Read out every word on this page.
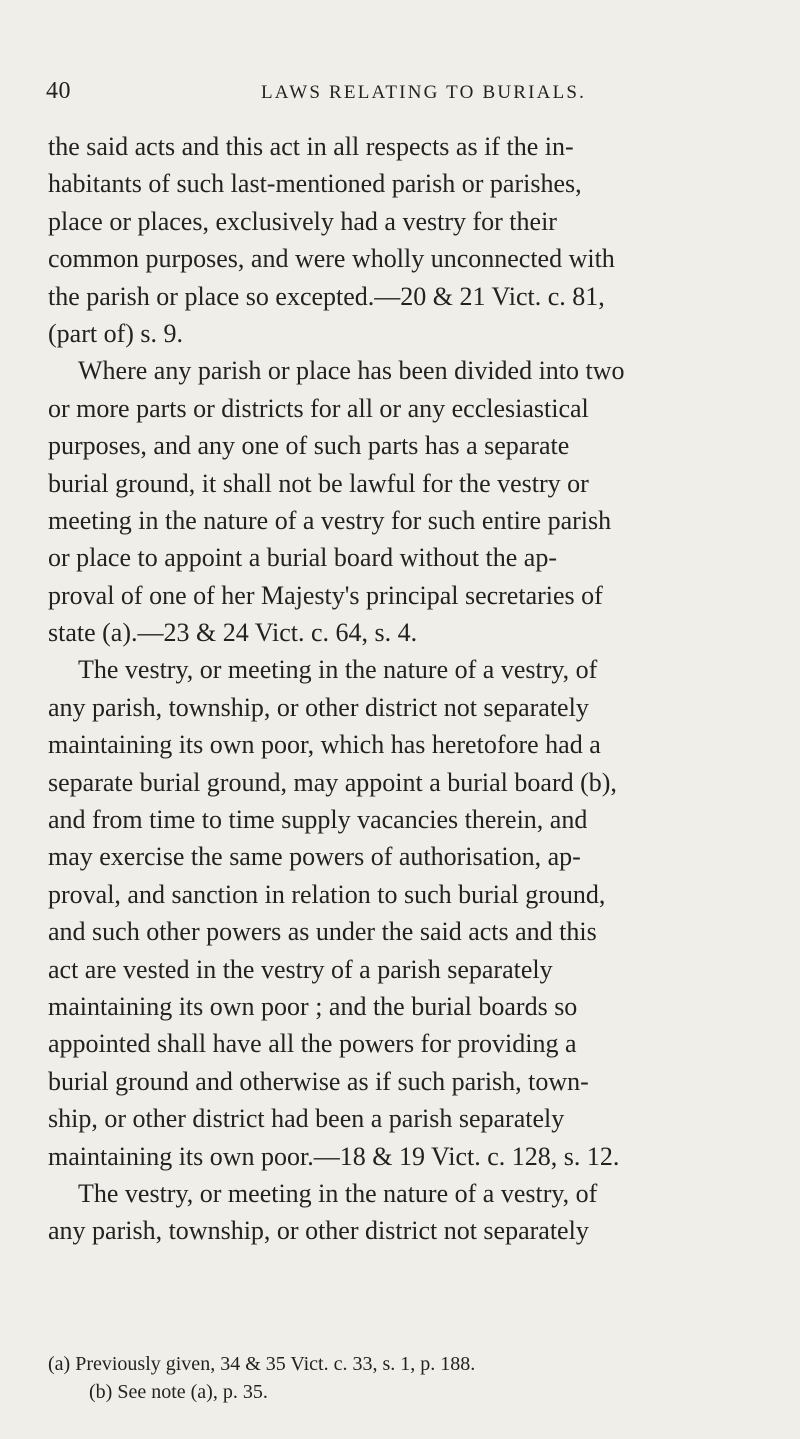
40	LAWS RELATING TO BURIALS.
the said acts and this act in all respects as if the in-
habitants of such last-mentioned parish or parishes,
place or places, exclusively had a vestry for their
common purposes, and were wholly unconnected with
the parish or place so excepted.—20 & 21 Vict. c. 81,
(part of) s. 9.
Where any parish or place has been divided into two
or more parts or districts for all or any ecclesiastical
purposes, and any one of such parts has a separate
burial ground, it shall not be lawful for the vestry or
meeting in the nature of a vestry for such entire parish
or place to appoint a burial board without the ap-
proval of one of her Majesty's principal secretaries of
state (a).—23 & 24 Vict. c. 64, s. 4.
The vestry, or meeting in the nature of a vestry, of
any parish, township, or other district not separately
maintaining its own poor, which has heretofore had a
separate burial ground, may appoint a burial board (b),
and from time to time supply vacancies therein, and
may exercise the same powers of authorisation, ap-
proval, and sanction in relation to such burial ground,
and such other powers as under the said acts and this
act are vested in the vestry of a parish separately
maintaining its own poor ; and the burial boards so
appointed shall have all the powers for providing a
burial ground and otherwise as if such parish, town-
ship, or other district had been a parish separately
maintaining its own poor.—18 & 19 Vict. c. 128, s. 12.
The vestry, or meeting in the nature of a vestry, of
any parish, township, or other district not separately
(a) Previously given, 34 & 35 Vict. c. 33, s. 1, p. 188.
(b) See note (a), p. 35.
